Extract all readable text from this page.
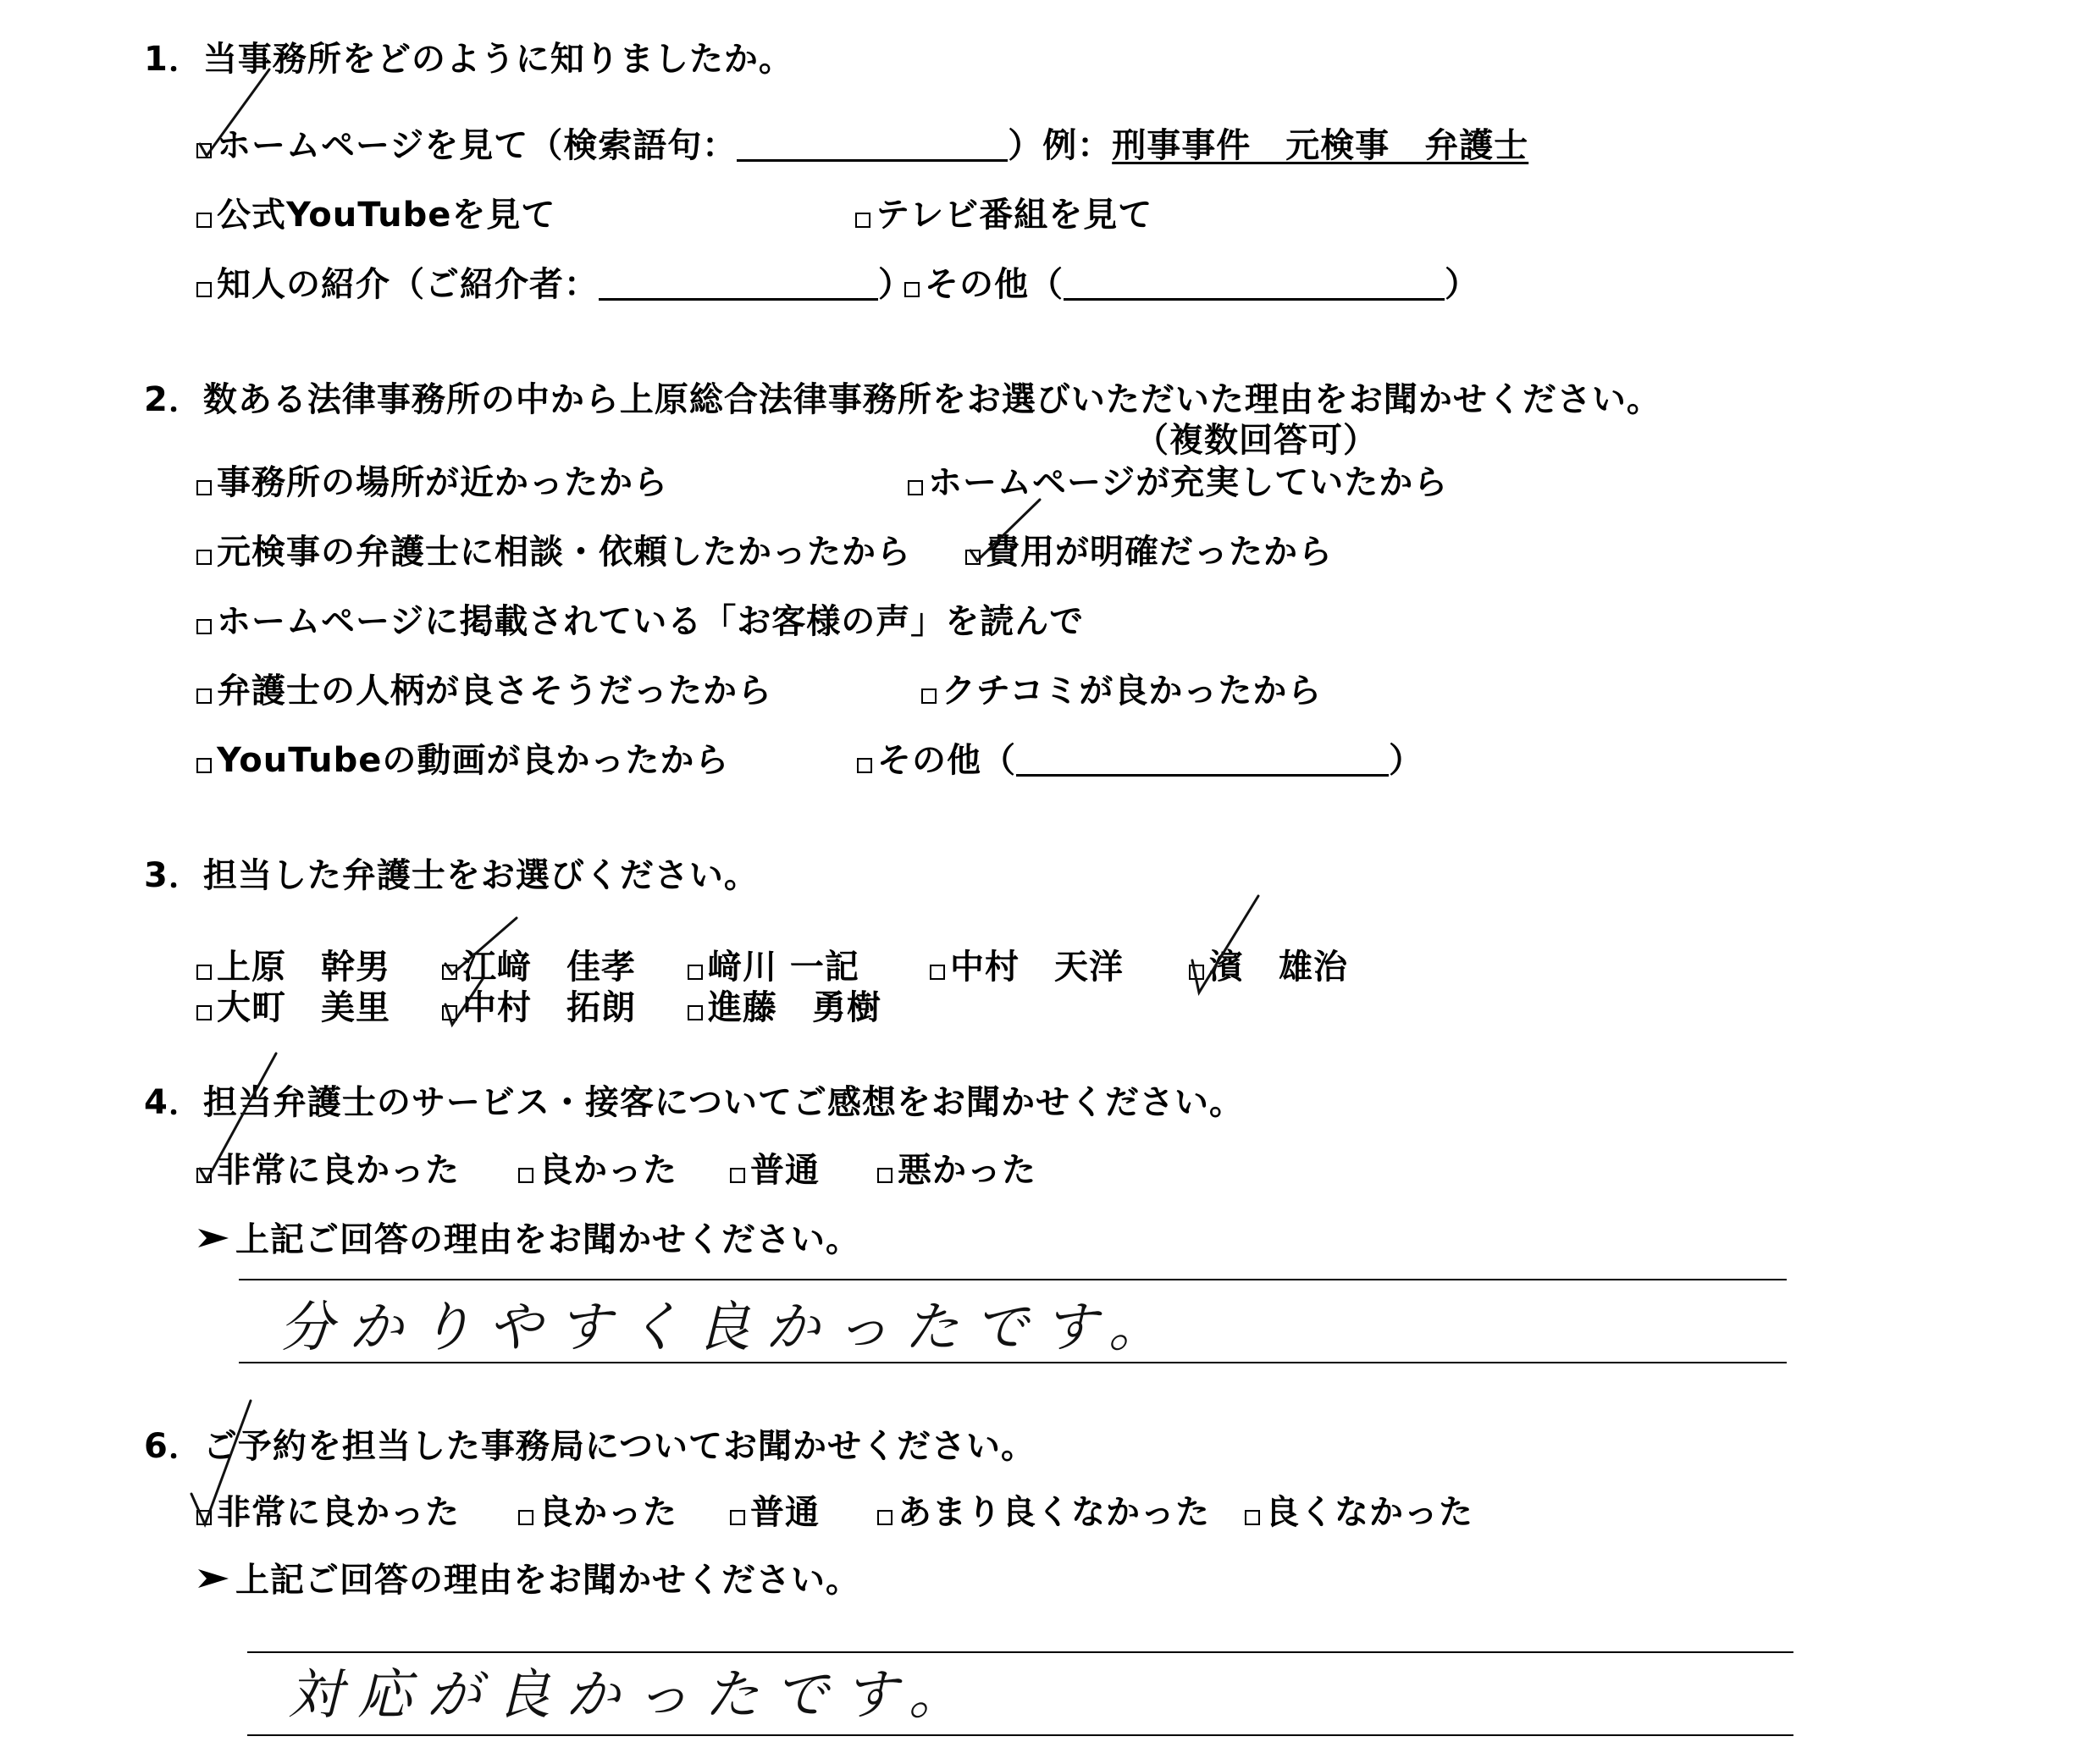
1．当事務所をどのように知りましたか。
ホームページを見て（検索語句：	）例：刑事事件　元検事　弁護士
公式YouTubeを見て	テレビ番組を見て
知人の紹介（ご紹介者：	） その他（	）
2．数ある法律事務所の中から上原総合法律事務所をお選びいただいた理由をお聞かせください。
（複数回答可）
事務所の場所が近かったから	ホームページが充実していたから
元検事の弁護士に相談・依頼したかったから	費用が明確だったから
ホームページに掲載されている「お客様の声」を読んで
弁護士の人柄が良さそうだったから	クチコミが良かったから
YouTubeの動画が良かったから	その他（	）
3．担当した弁護士をお選びください。
上原　幹男	江﨑　佳孝	﨑川 一記	中村　天洋	濱　雄治
大町　美里	中村　拓朗	進藤　勇樹
4．担当弁護士のサービス・接客についてご感想をお聞かせください。
非常に良かった	良かった	普通	悪かった
上記ご回答の理由をお聞かせください。
分かりやすく良かったです。
6．ご予約を担当した事務局についてお聞かせください。
非常に良かった	良かった	普通	あまり良くなかった	良くなかった
上記ご回答の理由をお聞かせください。
対応が良かったです。
